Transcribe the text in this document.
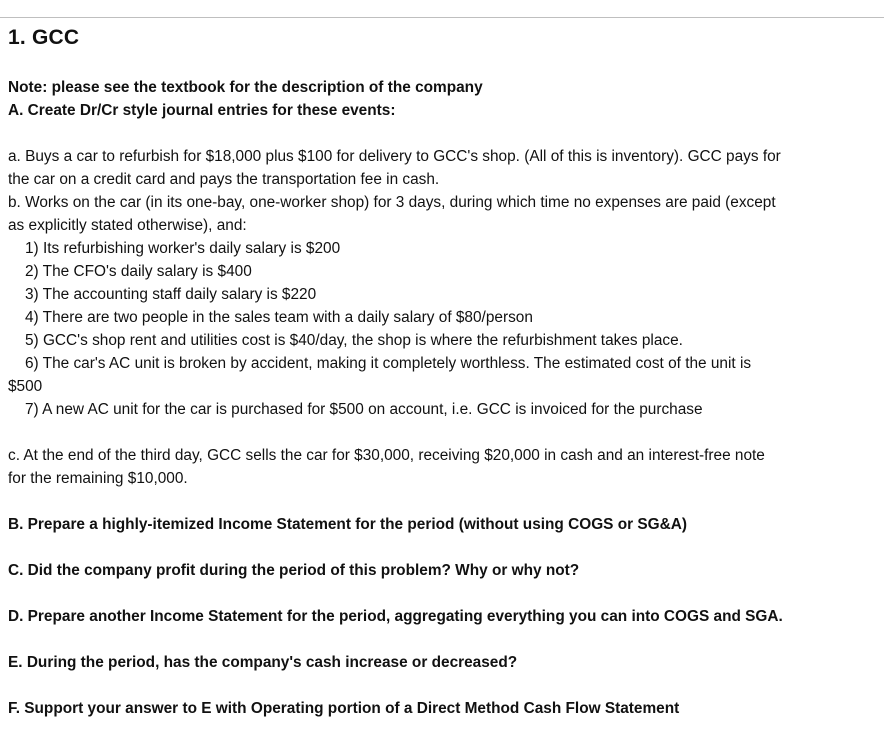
1. GCC

Note: please see the textbook for the description of the company

A. Create Dr/Cr style journal entries for these events:

a. Buys a car to refurbish for $18,000 plus $100 for delivery to GCC's shop. (All of this is inventory). GCC pays for

the car on a credit card and pays the transportation fee in cash.

b. Works on the car (in its one-bay, one-worker shop) for 3 days, during which time no expenses are paid (except

as explicitly stated otherwise), and:

1) Its refurbishing worker's daily salary is $200

2) The CFO's daily salary is $400

3) The accounting staff daily salary is $220

4) There are two people in the sales team with a daily salary of $80/person

5) GCC's shop rent and utilities cost is $40/day, the shop is where the refurbishment takes place.

6) The car's AC unit is broken by accident, making it completely worthless. The estimated cost of the unit is

$500

7) A new AC unit for the car is purchased for $500 on account, i.e. GCC is invoiced for the purchase

c. At the end of the third day, GCC sells the car for $30,000, receiving $20,000 in cash and an interest-free note

for the remaining $10,000.

B. Prepare a highly-itemized Income Statement for the period (without using COGS or SG&A)

C. Did the company profit during the period of this problem? Why or why not?

D. Prepare another Income Statement for the period, aggregating everything you can into COGS and SGA.

E. During the period, has the company's cash increase or decreased?

F. Support your answer to E with Operating portion of a Direct Method Cash Flow Statement
